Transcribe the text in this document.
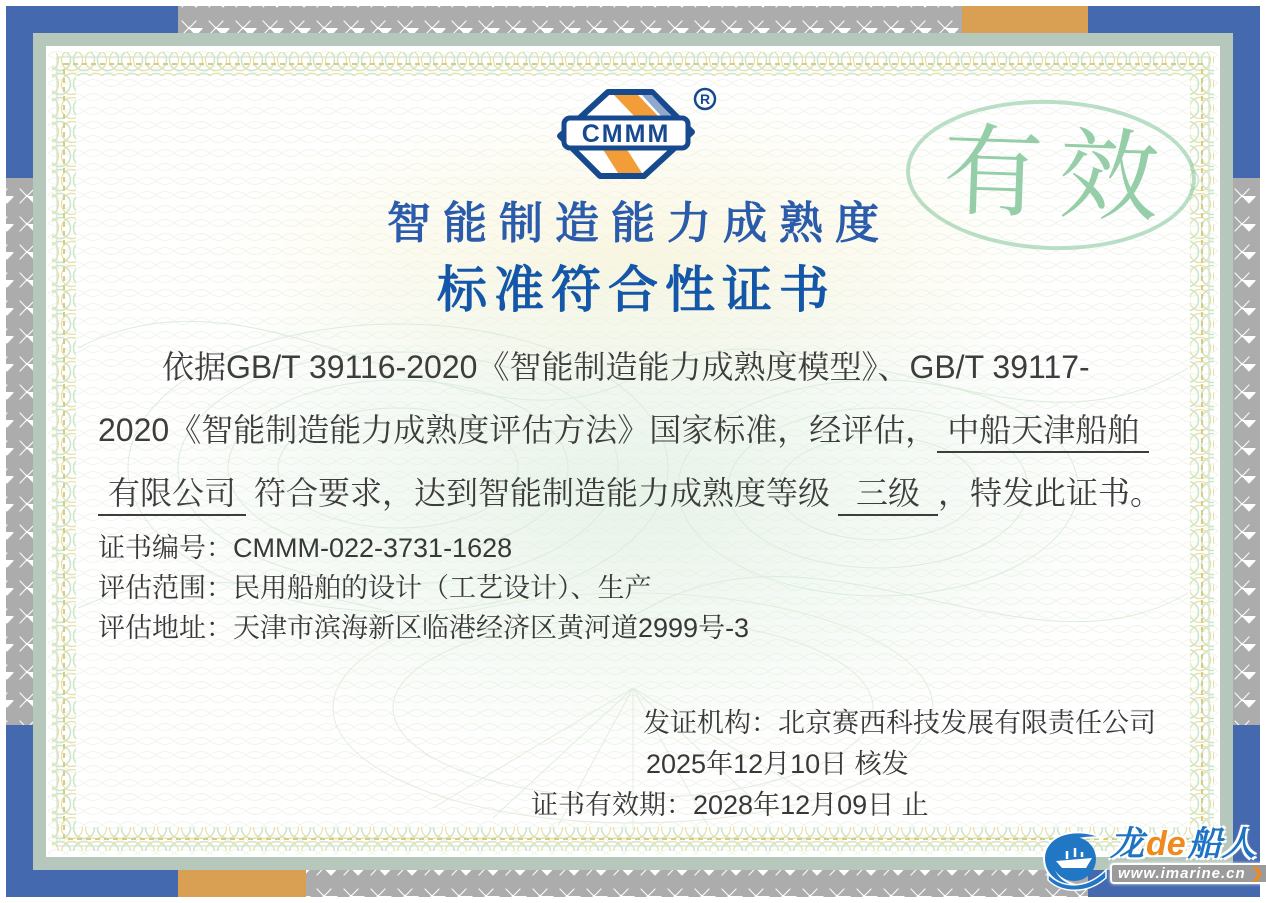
有效
CMMM
R
智能制造能力成熟度
标准符合性证书
依据GB/T 39116-2020《智能制造能力成熟度模型》、GB/T 39117-
2020《智能制造能力成熟度评估方法》国家标准，经评估， 中船天津船舶
有限公司 符合要求，达到智能制造能力成熟度等级 三级 ，特发此证书。
证书编号：CMMM-022-3731-1628
评估范围：民用船舶的设计（工艺设计）、生产
评估地址：天津市滨海新区临港经济区黄河道2999号-3
发证机构：北京赛西科技发展有限责任公司
2025年12月10日 核发
证书有效期：2028年12月09日 止
龙de船人
www.imarine.cn ❯
